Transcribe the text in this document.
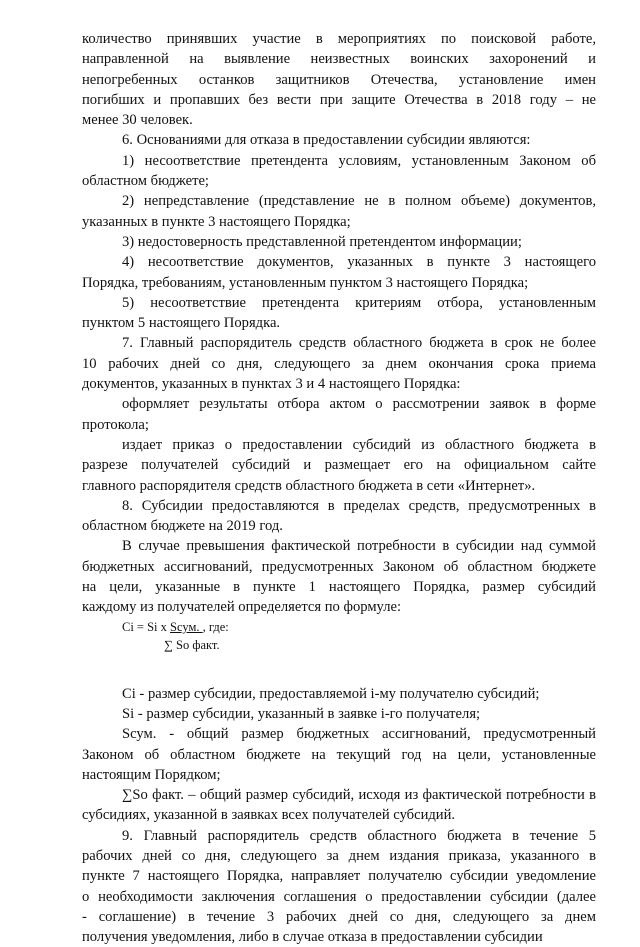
количество принявших участие в мероприятиях по поисковой работе,
направленной на выявление неизвестных воинских захоронений и
непогребенных останков защитников Отечества, установление имен
погибших и пропавших без вести при защите Отечества в 2018 году – не
менее 30 человек.
6. Основаниями для отказа в предоставлении субсидии являются:
1) несоответствие претендента условиям, установленным Законом об
областном бюджете;
2) непредставление (представление не в полном объеме) документов,
указанных в пункте 3 настоящего Порядка;
3) недостоверность представленной претендентом информации;
4) несоответствие документов, указанных в пункте 3 настоящего
Порядка, требованиям, установленным пунктом 3 настоящего Порядка;
5) несоответствие претендента критериям отбора, установленным
пунктом 5 настоящего Порядка.
7. Главный распорядитель средств областного бюджета в срок не более
10 рабочих дней со дня, следующего за днем окончания срока приема
документов, указанных в пунктах 3 и 4 настоящего Порядка:
оформляет результаты отбора актом о рассмотрении заявок в форме
протокола;
издает приказ о предоставлении субсидий из областного бюджета в
разрезе получателей субсидий и размещает его на официальном сайте
главного распорядителя средств областного бюджета в сети «Интернет».
8. Субсидии предоставляются в пределах средств, предусмотренных в
областном бюджете на 2019 год.
В случае превышения фактической потребности в субсидии над суммой
бюджетных ассигнований, предусмотренных Законом об областном бюджете
на цели, указанные в пункте 1 настоящего Порядка, размер субсидий
каждому из получателей определяется по формуле:
Ci = Si x Sсум. , где:
∑ So факт.
Ci - размер субсидии, предоставляемой i-му получателю субсидий;
Si - размер субсидии, указанный в заявке i-го получателя;
Sсум. - общий размер бюджетных ассигнований, предусмотренный
Законом об областном бюджете на текущий год на цели, установленные
настоящим Порядком;
∑So факт. – общий размер субсидий, исходя из фактической потребности в
субсидиях, указанной в заявках всех получателей субсидий.
9. Главный распорядитель средств областного бюджета в течение 5
рабочих дней со дня, следующего за днем издания приказа, указанного в
пункте 7 настоящего Порядка, направляет получателю субсидии уведомление
о необходимости заключения соглашения о предоставлении субсидии (далее
- соглашение) в течение 3 рабочих дней со дня, следующего за днем
получения уведомления, либо в случае отказа в предоставлении субсидии
